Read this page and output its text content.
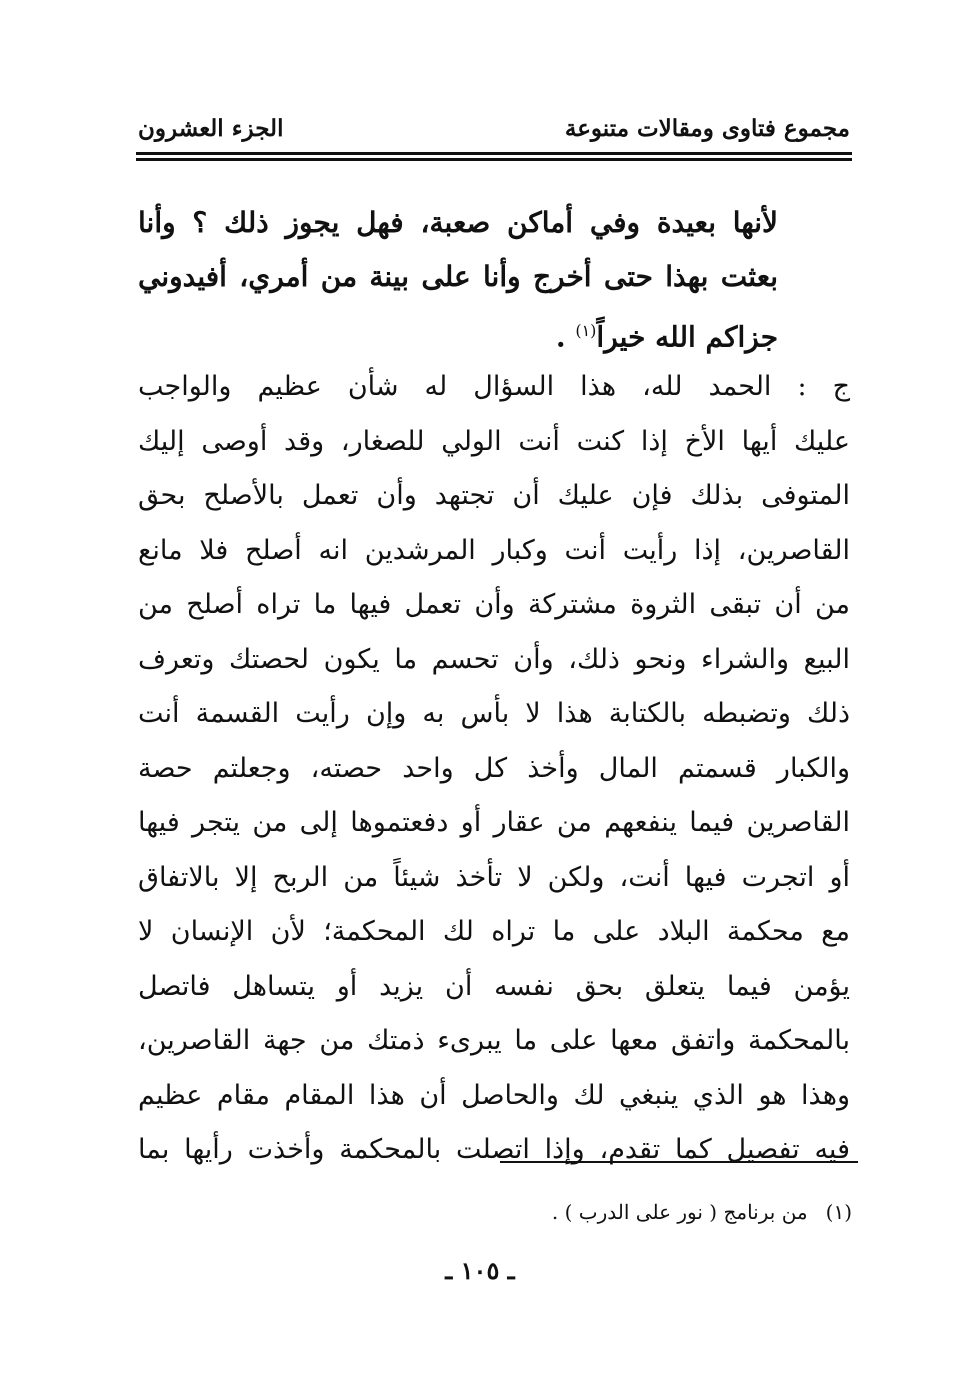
مجموع فتاوى ومقالات متنوعة
الجزء العشرون
لأنها بعيدة وفي أماكن صعبة، فهل يجوز ذلك ؟ وأنا
بعثت بهذا حتى أخرج وأنا على بينة من أمري، أفيدوني
جزاكم الله خيراً$^{(١)}$ .
ج : الحمد لله، هذا السؤال له شأن عظيم والواجب
عليك أيها الأخ إذا كنت أنت الولي للصغار، وقد أوصى إليك
المتوفى بذلك فإن عليك أن تجتهد وأن تعمل بالأصلح بحق
القاصرين، إذا رأيت أنت وكبار المرشدين انه أصلح فلا مانع
من أن تبقى الثروة مشتركة وأن تعمل فيها ما تراه أصلح من
البيع والشراء ونحو ذلك، وأن تحسم ما يكون لحصتك وتعرف
ذلك وتضبطه بالكتابة هذا لا بأس به وإن رأيت القسمة أنت
والكبار قسمتم المال وأخذ كل واحد حصته، وجعلتم حصة
القاصرين فيما ينفعهم من عقار أو دفعتموها إلى من يتجر فيها
أو اتجرت فيها أنت، ولكن لا تأخذ شيئاً من الربح إلا بالاتفاق
مع محكمة البلاد على ما تراه لك المحكمة؛ لأن الإنسان لا
يؤمن فيما يتعلق بحق نفسه أن يزيد أو يتساهل فاتصل
بالمحكمة واتفق معها على ما يبرىء ذمتك من جهة القاصرين،
وهذا هو الذي ينبغي لك والحاصل أن هذا المقام مقام عظيم
فيه تفصيل كما تقدم، وإذا اتصلت بالمحكمة وأخذت رأيها بما
(١)من برنامج ( نور على الدرب ) .
ـ ١٠٥ ـ
